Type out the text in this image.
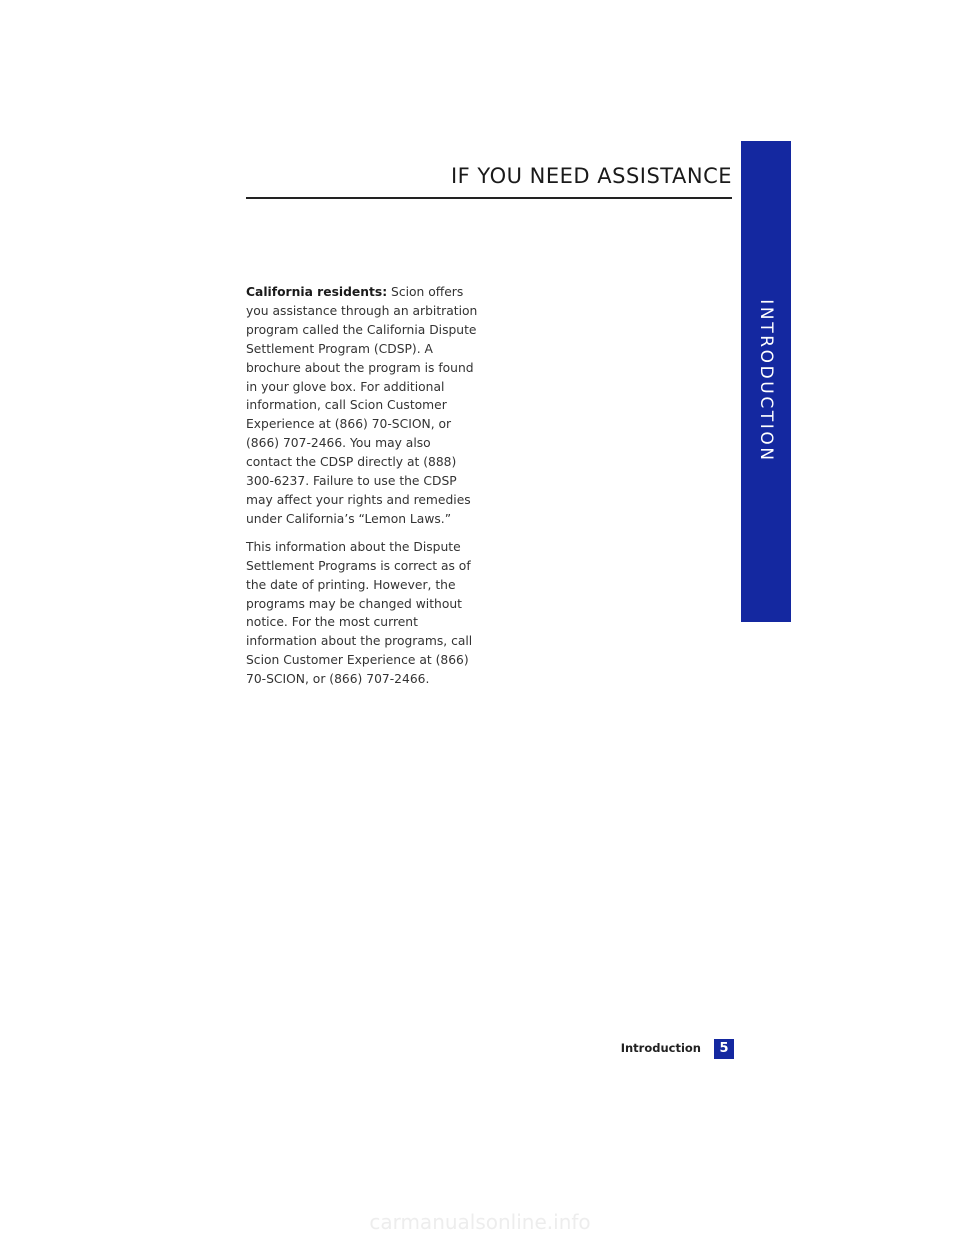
IF YOU NEED ASSISTANCE
INTRODUCTION

California residents: Scion offers you assistance through an arbitration program called the California Dispute Settlement Program (CDSP). A brochure about the program is found in your glove box. For additional information, call Scion Customer Experience at (866) 70-SCION, or (866) 707-2466. You may also contact the CDSP directly at (888) 300-6237. Failure to use the CDSP may affect your rights and remedies under California’s “Lemon Laws.”

This information about the Dispute Settlement Programs is correct as of the date of printing. However, the programs may be changed without notice. For the most current information about the programs, call Scion Customer Experience at (866) 70-SCION, or (866) 707-2466.

Introduction	5
carmanualsonline.info
